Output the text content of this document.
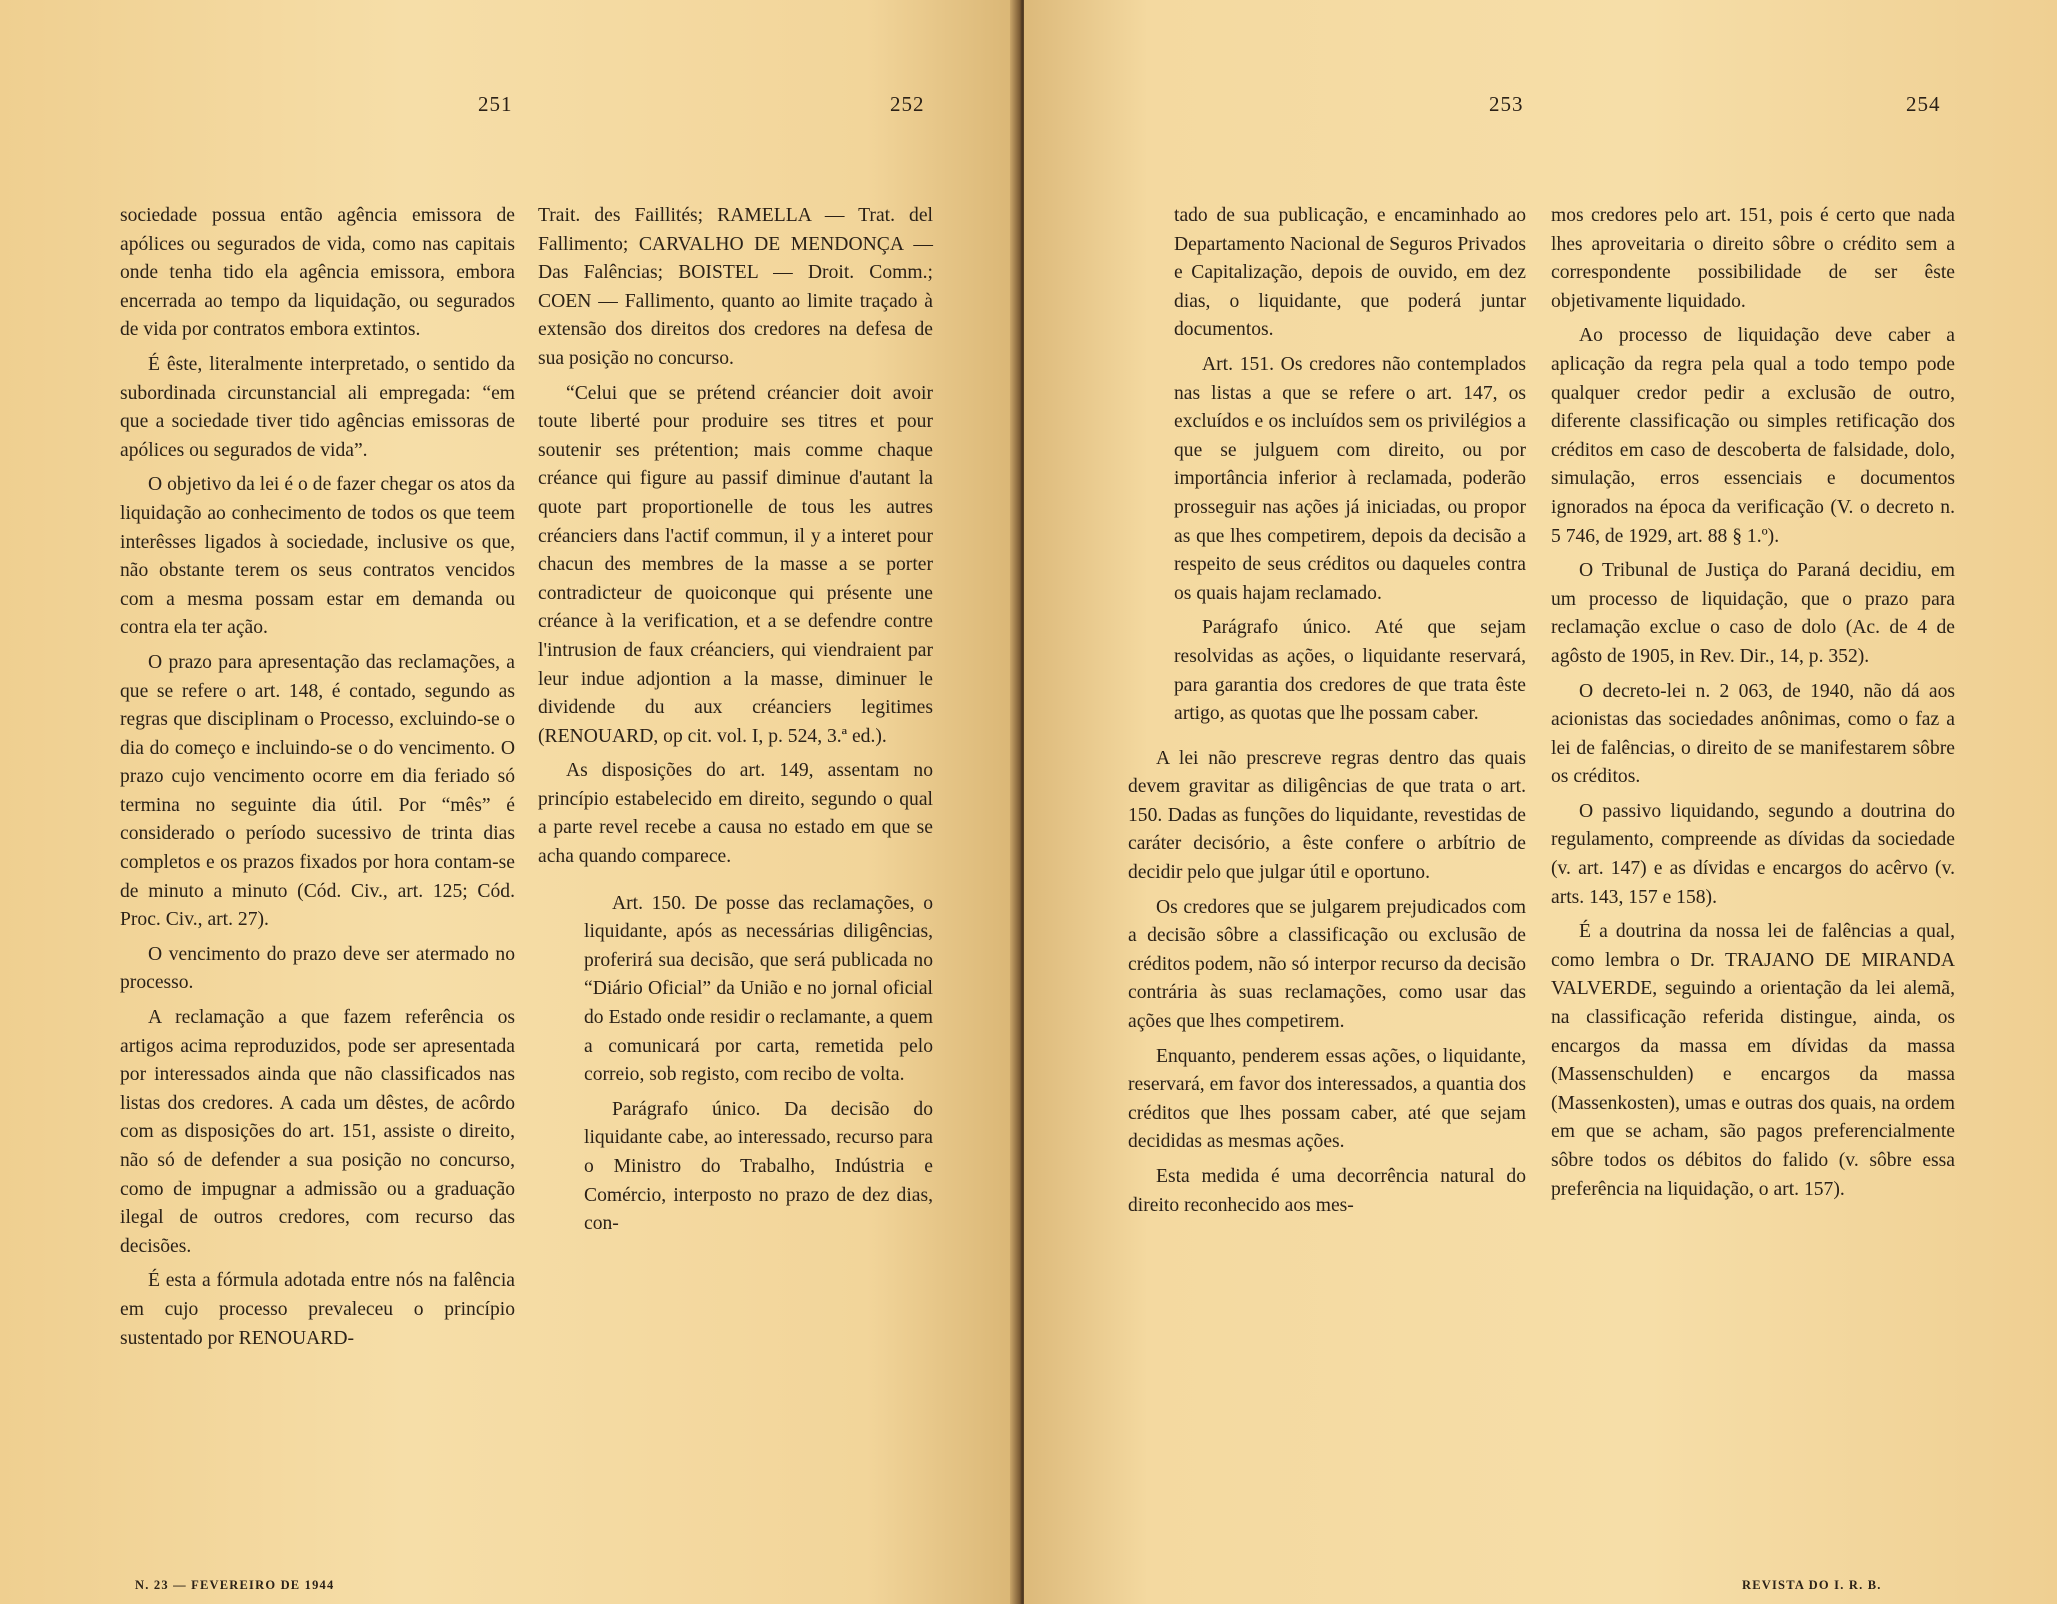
251	252

sociedade possua então agência emissora de apólices ou segurados de vida, como nas capitais onde tenha tido ela agência emissora, embora encerrada ao tempo da liquidação, ou segurados de vida por contratos embora extintos.

É êste, literalmente interpretado, o sentido da subordinada circunstancial ali empregada: “em que a sociedade tiver tido agências emissoras de apólices ou segurados de vida”.

O objetivo da lei é o de fazer chegar os atos da liquidação ao conhecimento de todos os que teem interêsses ligados à sociedade, inclusive os que, não obstante terem os seus contratos vencidos com a mesma possam estar em demanda ou contra ela ter ação.

O prazo para apresentação das reclamações, a que se refere o art. 148, é contado, segundo as regras que disciplinam o Processo, excluindo-se o dia do começo e incluindo-se o do vencimento. O prazo cujo vencimento ocorre em dia feriado só termina no seguinte dia útil. Por “mês” é considerado o período sucessivo de trinta dias completos e os prazos fixados por hora contam-se de minuto a minuto (Cód. Civ., art. 125; Cód. Proc. Civ., art. 27).

O vencimento do prazo deve ser atermado no processo.

A reclamação a que fazem referência os artigos acima reproduzidos, pode ser apresentada por interessados ainda que não classificados nas listas dos credores. A cada um dêstes, de acôrdo com as disposições do art. 151, assiste o direito, não só de defender a sua posição no concurso, como de impugnar a admissão ou a graduação ilegal de outros credores, com recurso das decisões.

É esta a fórmula adotada entre nós na falência em cujo processo prevaleceu o princípio sustentado por RENOUARD-

Trait. des Faillités; RAMELLA — Trat. del Fallimento; CARVALHO DE MENDONÇA — Das Falências; BOISTEL — Droit. Comm.; COEN — Fallimento, quanto ao limite traçado à extensão dos direitos dos credores na defesa de sua posição no concurso.

“Celui que se prétend créancier doit avoir toute liberté pour produire ses titres et pour soutenir ses prétention; mais comme chaque créance qui figure au passif diminue d'autant la quote part proportionelle de tous les autres créanciers dans l'actif commun, il y a interet pour chacun des membres de la masse a se porter contradicteur de quoiconque qui présente une créance à la verification, et a se defendre contre l'intrusion de faux créanciers, qui viendraient par leur indue adjontion a la masse, diminuer le dividende du aux créanciers legitimes (RENOUARD, op cit. vol. I, p. 524, 3.ª ed.).

As disposições do art. 149, assentam no princípio estabelecido em direito, segundo o qual a parte revel recebe a causa no estado em que se acha quando comparece.

Art. 150. De posse das reclamações, o liquidante, após as necessárias diligências, proferirá sua decisão, que será publicada no “Diário Oficial” da União e no jornal oficial do Estado onde residir o reclamante, a quem a comunicará por carta, remetida pelo correio, sob registo, com recibo de volta.

Parágrafo único. Da decisão do liquidante cabe, ao interessado, recurso para o Ministro do Trabalho, Indústria e Comércio, interposto no prazo de dez dias, con-

N. 23 — FEVEREIRO DE 1944
253	254

tado de sua publicação, e encaminhado ao Departamento Nacional de Seguros Privados e Capitalização, depois de ouvido, em dez dias, o liquidante, que poderá juntar documentos.

Art. 151. Os credores não contemplados nas listas a que se refere o art. 147, os excluídos e os incluídos sem os privilégios a que se julguem com direito, ou por importância inferior à reclamada, poderão prosseguir nas ações já iniciadas, ou propor as que lhes competirem, depois da decisão a respeito de seus créditos ou daqueles contra os quais hajam reclamado.

Parágrafo único. Até que sejam resolvidas as ações, o liquidante reservará, para garantia dos credores de que trata êste artigo, as quotas que lhe possam caber.

A lei não prescreve regras dentro das quais devem gravitar as diligências de que trata o art. 150. Dadas as funções do liquidante, revestidas de caráter decisório, a êste confere o arbítrio de decidir pelo que julgar útil e oportuno.

Os credores que se julgarem prejudicados com a decisão sôbre a classificação ou exclusão de créditos podem, não só interpor recurso da decisão contrária às suas reclamações, como usar das ações que lhes competirem.

Enquanto, penderem essas ações, o liquidante, reservará, em favor dos interessados, a quantia dos créditos que lhes possam caber, até que sejam decididas as mesmas ações.

Esta medida é uma decorrência natural do direito reconhecido aos mes-

mos credores pelo art. 151, pois é certo que nada lhes aproveitaria o direito sôbre o crédito sem a correspondente possibilidade de ser êste objetivamente liquidado.

Ao processo de liquidação deve caber a aplicação da regra pela qual a todo tempo pode qualquer credor pedir a exclusão de outro, diferente classificação ou simples retificação dos créditos em caso de descoberta de falsidade, dolo, simulação, erros essenciais e documentos ignorados na época da verificação (V. o decreto n. 5 746, de 1929, art. 88 § 1.º).

O Tribunal de Justiça do Paraná decidiu, em um processo de liquidação, que o prazo para reclamação exclue o caso de dolo (Ac. de 4 de agôsto de 1905, in Rev. Dir., 14, p. 352).

O decreto-lei n. 2 063, de 1940, não dá aos acionistas das sociedades anônimas, como o faz a lei de falências, o direito de se manifestarem sôbre os créditos.

O passivo liquidando, segundo a doutrina do regulamento, compreende as dívidas da sociedade (v. art. 147) e as dívidas e encargos do acêrvo (v. arts. 143, 157 e 158).

É a doutrina da nossa lei de falências a qual, como lembra o Dr. TRAJANO DE MIRANDA VALVERDE, seguindo a orientação da lei alemã, na classificação referida distingue, ainda, os encargos da massa em dívidas da massa (Massenschulden) e encargos da massa (Massenkosten), umas e outras dos quais, na ordem em que se acham, são pagos preferencialmente sôbre todos os débitos do falido (v. sôbre essa preferência na liquidação, o art. 157).

REVISTA DO I. R. B.
